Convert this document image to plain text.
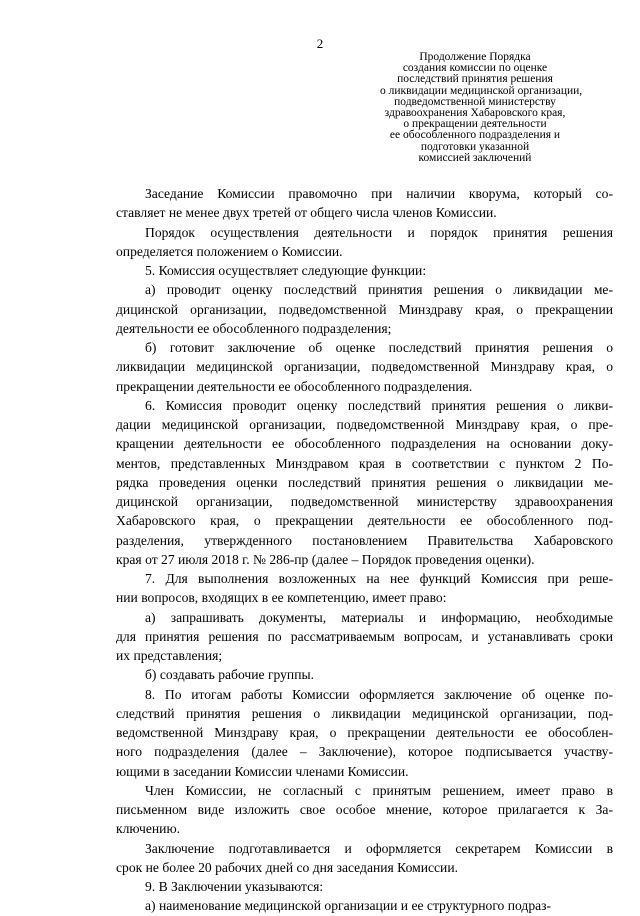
2
Продолжение Порядка
создания комиссии по оценке
последствий принятия решения
о ликвидации медицинской организации,
подведомственной министерству
здравоохранения Хабаровского края,
о прекращении деятельности
ее обособленного подразделения и
подготовки указанной
комиссией заключений
Заседание Комиссии правомочно при наличии кворума, который со-
ставляет не менее двух третей от общего числа членов Комиссии.
Порядок осуществления деятельности и порядок принятия решения
определяется положением о Комиссии.
5. Комиссия осуществляет следующие функции:
а) проводит оценку последствий принятия решения о ликвидации ме-
дицинской организации, подведомственной Минздраву края, о прекращении
деятельности ее обособленного подразделения;
б) готовит заключение об оценке последствий принятия решения о
ликвидации медицинской организации, подведомственной Минздраву края, о
прекращении деятельности ее обособленного подразделения.
6. Комиссия проводит оценку последствий принятия решения о ликви-
дации медицинской организации, подведомственной Минздраву края, о пре-
кращении деятельности ее обособленного подразделения на основании доку-
ментов, представленных Минздравом края в соответствии с пунктом 2 По-
рядка проведения оценки последствий принятия решения о ликвидации ме-
дицинской организации, подведомственной министерству здравоохранения
Хабаровского края, о прекращении деятельности ее обособленного под-
разделения, утвержденного постановлением Правительства Хабаровского
края от 27 июля 2018 г. № 286-пр (далее – Порядок проведения оценки).
7. Для выполнения возложенных на нее функций Комиссия при решe-
нии вопросов, входящих в ее компетенцию, имеет право:
а) запрашивать документы, материалы и информацию, необходимые
для принятия решения по рассматриваемым вопросам, и устанавливать сроки
их представления;
б) создавать рабочие группы.
8. По итогам работы Комиссии оформляется заключение об оценке по-
следствий принятия решения о ликвидации медицинской организации, под-
ведомственной Минздраву края, о прекращении деятельности ее обособлен-
ного подразделения (далее – Заключение), которое подписывается участву-
ющими в заседании Комиссии членами Комиссии.
Член Комиссии, не согласный с принятым решением, имеет право в
письменном виде изложить свое особое мнение, которое прилагается к За-
ключению.
Заключение подготавливается и оформляется секретарем Комиссии в
срок не более 20 рабочих дней со дня заседания Комиссии.
9. В Заключении указываются:
а) наименование медицинской организации и ее структурного подраз-
